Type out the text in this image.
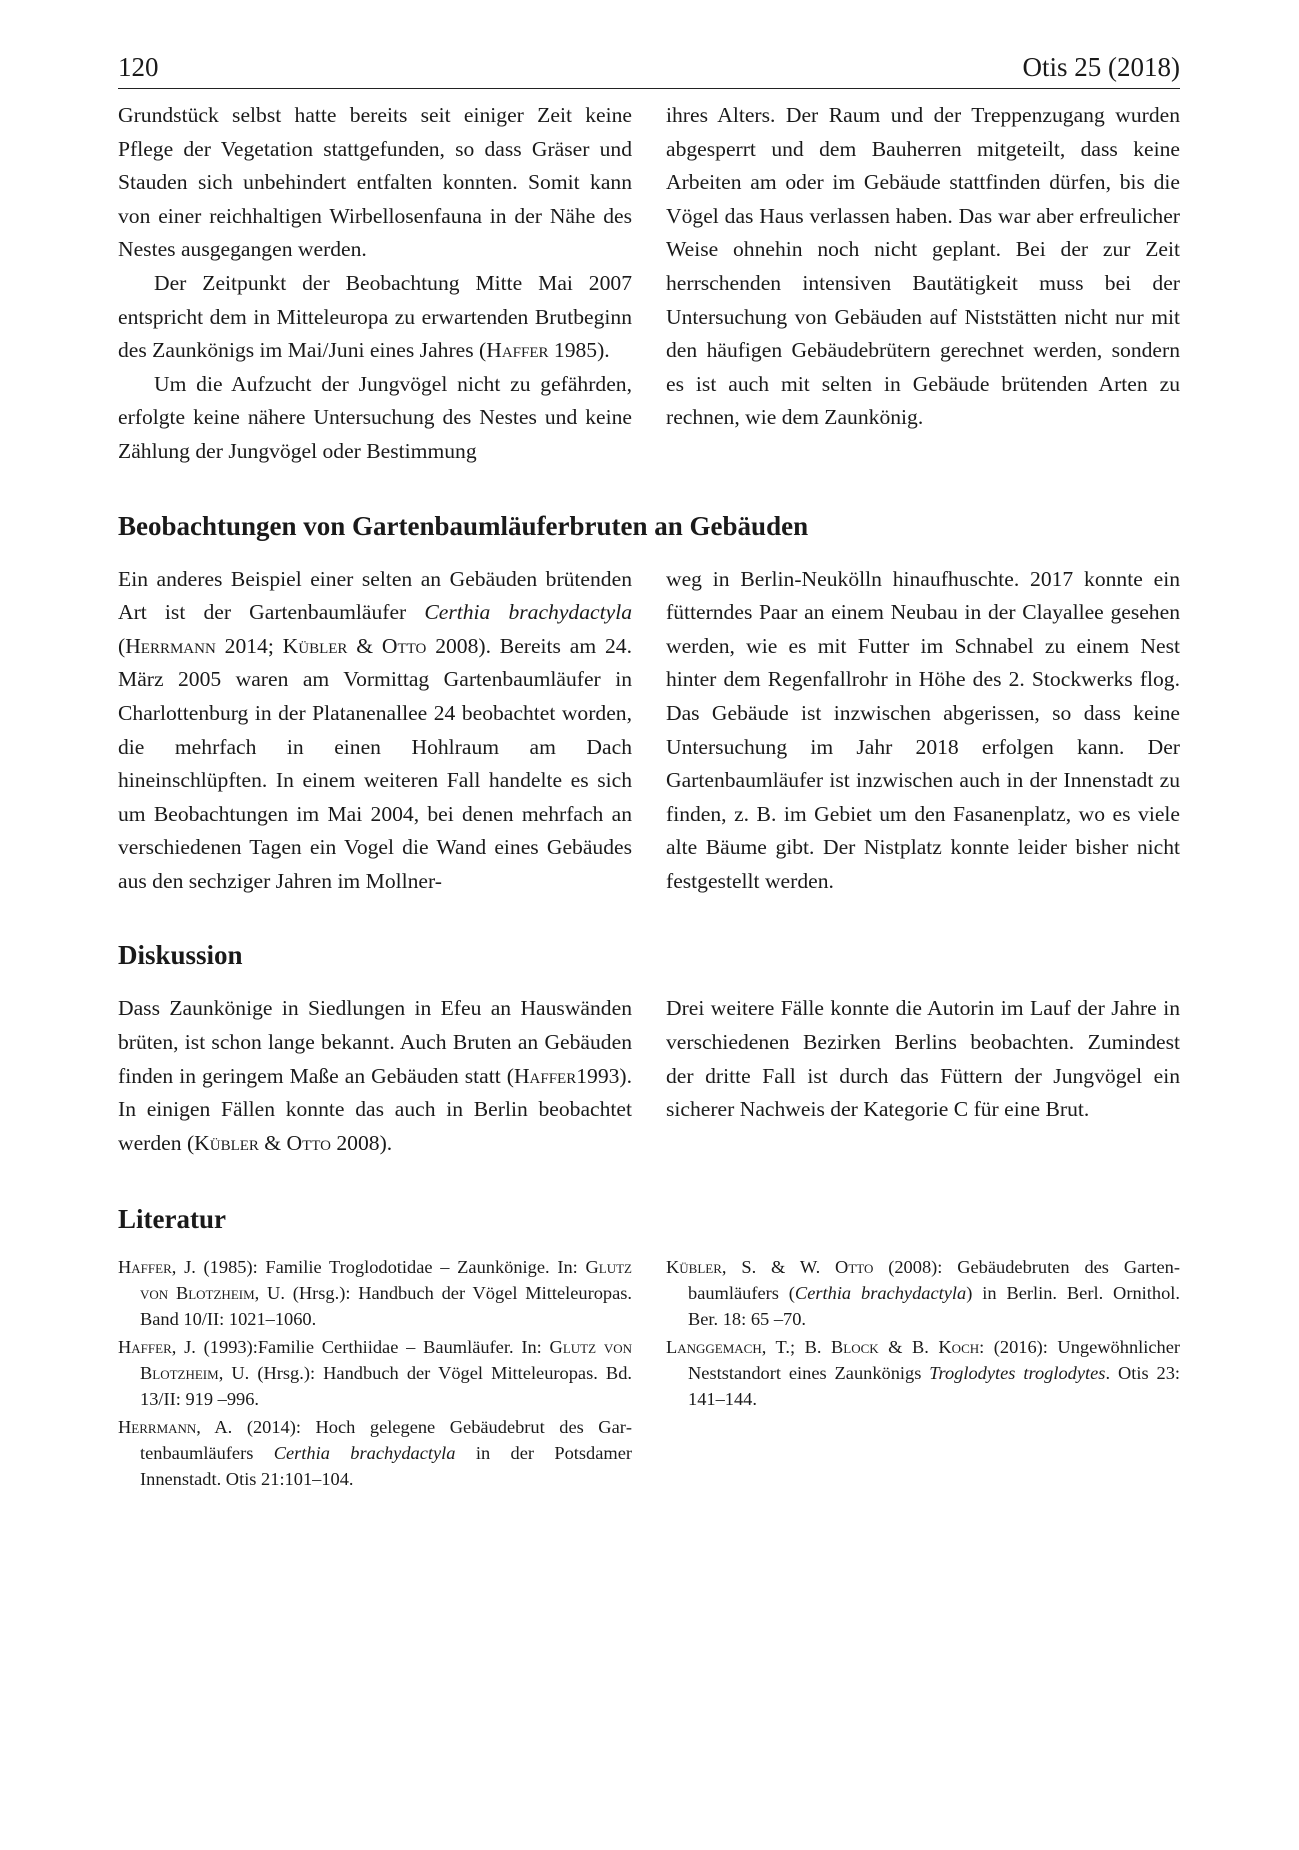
120	Otis 25 (2018)

Grundstück selbst hatte bereits seit einiger Zeit keine Pflege der Vegetation stattgefunden, so dass Gräser und Stauden sich unbehindert entfalten konnten. Somit kann von einer reichhaltigen Wirbellosenfauna in der Nähe des Nestes ausgegangen werden.

Der Zeitpunkt der Beobachtung Mitte Mai 2007 entspricht dem in Mitteleuropa zu erwartenden Brutbeginn des Zaunkönigs im Mai/Juni eines Jahres (Haffer 1985).

Um die Aufzucht der Jungvögel nicht zu gefährden, erfolgte keine nähere Untersuchung des Nestes und keine Zählung der Jungvögel oder Bestimmung

ihres Alters. Der Raum und der Treppenzugang wurden abgesperrt und dem Bauherren mitgeteilt, dass keine Arbeiten am oder im Gebäude stattfinden dürfen, bis die Vögel das Haus verlassen haben. Das war aber erfreulicher Weise ohnehin noch nicht geplant. Bei der zur Zeit herrschenden intensiven Bautätigkeit muss bei der Untersuchung von Gebäuden auf Niststätten nicht nur mit den häufigen Gebäudebrütern gerechnet werden, sondern es ist auch mit selten in Gebäude brütenden Arten zu rechnen, wie dem Zaunkönig.

Beobachtungen von Gartenbaumläuferbruten an Gebäuden

Ein anderes Beispiel einer selten an Gebäuden brütenden Art ist der Gartenbaumläufer Certhia brachydactyla (Herrmann 2014; Kübler & Otto 2008). Bereits am 24. März 2005 waren am Vormittag Gartenbaumläufer in Charlottenburg in der Platanenallee 24 beobachtet worden, die mehrfach in einen Hohlraum am Dach hineinschlüpften. In einem weiteren Fall handelte es sich um Beobachtungen im Mai 2004, bei denen mehrfach an verschiedenen Tagen ein Vogel die Wand eines Gebäudes aus den sechziger Jahren im Mollner-

weg in Berlin-Neukölln hinaufhuschte. 2017 konnte ein fütterndes Paar an einem Neubau in der Clayallee gesehen werden, wie es mit Futter im Schnabel zu einem Nest hinter dem Regenfallrohr in Höhe des 2. Stockwerks flog. Das Gebäude ist inzwischen abgerissen, so dass keine Untersuchung im Jahr 2018 erfolgen kann. Der Gartenbaumläufer ist inzwischen auch in der Innenstadt zu finden, z. B. im Gebiet um den Fasanenplatz, wo es viele alte Bäume gibt. Der Nistplatz konnte leider bisher nicht festgestellt werden.

Diskussion

Dass Zaunkönige in Siedlungen in Efeu an Hauswänden brüten, ist schon lange bekannt. Auch Bruten an Gebäuden finden in geringem Maße an Gebäuden statt (Haffer1993). In einigen Fällen konnte das auch in Berlin beobachtet werden (Kübler & Otto 2008).

Drei weitere Fälle konnte die Autorin im Lauf der Jahre in verschiedenen Bezirken Berlins beobachten. Zumindest der dritte Fall ist durch das Füttern der Jungvögel ein sicherer Nachweis der Kategorie C für eine Brut.

Literatur

Haffer, J. (1985): Familie Troglodotidae – Zaunkönige. In: Glutz von Blotzheim, U. (Hrsg.): Handbuch der Vögel Mitteleuropas. Band 10/II: 1021–1060.

Haffer, J. (1993):Familie Certhiidae – Baumläufer. In: Glutz von Blotzheim, U. (Hrsg.): Handbuch der Vögel Mitteleuropas. Bd. 13/II: 919 –996.

Herrmann, A. (2014): Hoch gelegene Gebäudebrut des Gartenbaumläufers Certhia brachydactyla in der Potsdamer Innenstadt. Otis 21:101–104.

Kübler, S. & W. Otto (2008): Gebäudebruten des Gartenbaumläufers (Certhia brachydactyla) in Berlin. Berl. Ornithol. Ber. 18: 65 –70.

Langgemach, T.; B. Block & B. Koch: (2016): Ungewöhnlicher Neststandort eines Zaunkönigs Troglodytes troglodytes. Otis 23: 141–144.
